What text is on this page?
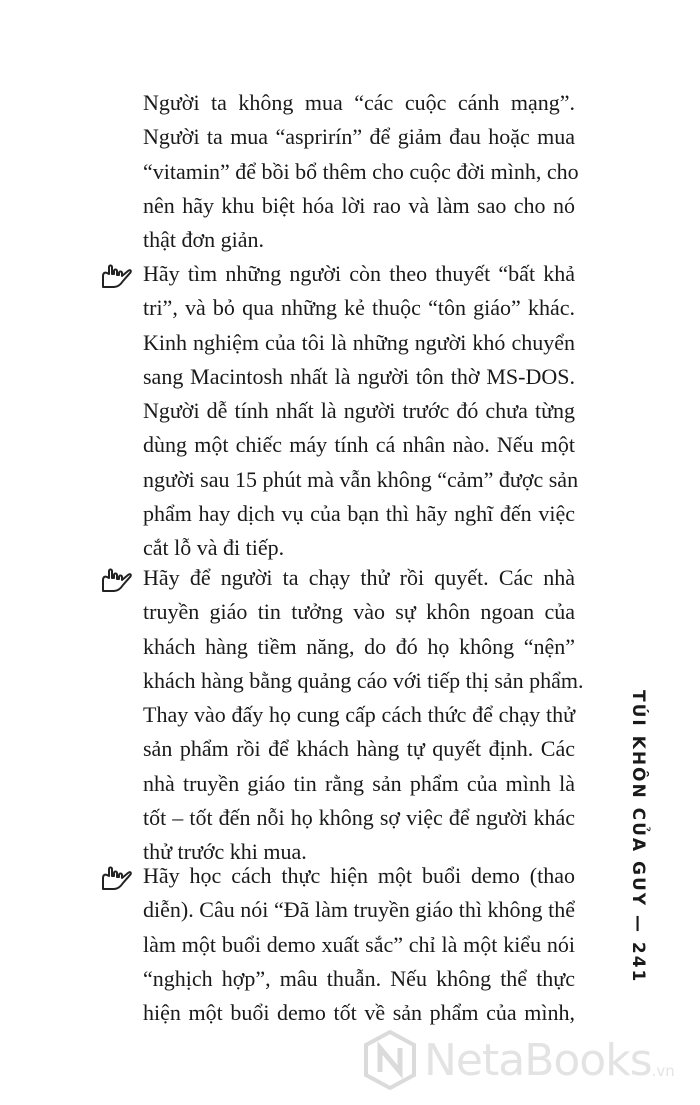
Người ta không mua “các cuộc cánh mạng”.
Người ta mua “asprirín” để giảm đau hoặc mua
“vitamin” để bồi bổ thêm cho cuộc đời mình, cho
nên hãy khu biệt hóa lời rao và làm sao cho nó
thật đơn giản.

Hãy tìm những người còn theo thuyết “bất khả
tri”, và bỏ qua những kẻ thuộc “tôn giáo” khác.
Kinh nghiệm của tôi là những người khó chuyển
sang Macintosh nhất là người tôn thờ MS-DOS.
Người dễ tính nhất là người trước đó chưa từng
dùng một chiếc máy tính cá nhân nào. Nếu một
người sau 15 phút mà vẫn không “cảm” được sản
phẩm hay dịch vụ của bạn thì hãy nghĩ đến việc
cắt lỗ và đi tiếp.

Hãy để người ta chạy thử rồi quyết. Các nhà
truyền giáo tin tưởng vào sự khôn ngoan của
khách hàng tiềm năng, do đó họ không “nện”
khách hàng bằng quảng cáo với tiếp thị sản phẩm.
Thay vào đấy họ cung cấp cách thức để chạy thử
sản phẩm rồi để khách hàng tự quyết định. Các
nhà truyền giáo tin rằng sản phẩm của mình là
tốt – tốt đến nỗi họ không sợ việc để người khác
thử trước khi mua.

Hãy học cách thực hiện một buổi demo (thao
diễn). Câu nói “Đã làm truyền giáo thì không thể
làm một buổi demo xuất sắc” chỉ là một kiểu nói
“nghịch hợp”, mâu thuẫn. Nếu không thể thực
hiện một buổi demo tốt về sản phẩm của mình,

TÚI KHÔN CỦA GUY — 241
NetaBooks .vn
